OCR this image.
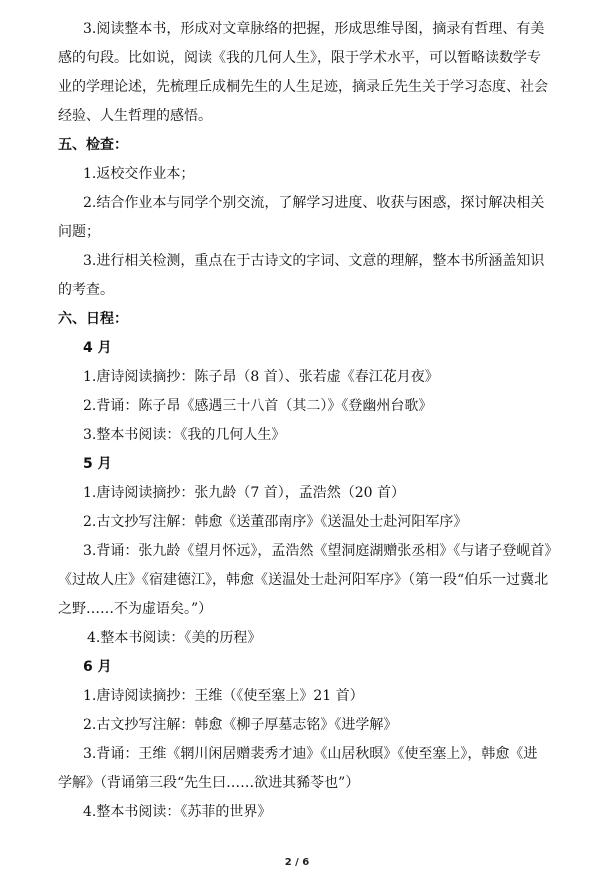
3.阅读整本书，形成对文章脉络的把握，形成思维导图，摘录有哲理、有美
感的句段。比如说，阅读《我的几何人生》，限于学术水平，可以暂略读数学专
业的学理论述，先梳理丘成桐先生的人生足迹，摘录丘先生关于学习态度、社会
经验、人生哲理的感悟。
五、检查：
1.返校交作业本；
2.结合作业本与同学个别交流，了解学习进度、收获与困惑，探讨解决相关
问题；
3.进行相关检测，重点在于古诗文的字词、文意的理解，整本书所涵盖知识
的考查。
六、日程：
4 月
1.唐诗阅读摘抄：陈子昂（8 首）、张若虚《春江花月夜》
2.背诵：陈子昂《感遇三十八首（其二）》《登幽州台歌》
3.整本书阅读：《我的几何人生》
5 月
1.唐诗阅读摘抄：张九龄（7 首），孟浩然（20 首）
2.古文抄写注解：韩愈《送董邵南序》《送温处士赴河阳军序》
3.背诵：张九龄《望月怀远》，孟浩然《望洞庭湖赠张丞相》《与诸子登岘首》
《过故人庄》《宿建德江》，韩愈《送温处士赴河阳军序》（第一段“伯乐一过冀北
之野……不为虚语矣。”）
4.整本书阅读：《美的历程》
6 月
1.唐诗阅读摘抄：王维（《使至塞上》21 首）
2.古文抄写注解：韩愈《柳子厚墓志铭》《进学解》
3.背诵：王维《辋川闲居赠裴秀才迪》《山居秋暝》《使至塞上》，韩愈《进
学解》（背诵第三段“先生曰……欲进其豨苓也”）
4.整本书阅读：《苏菲的世界》
2 / 6
